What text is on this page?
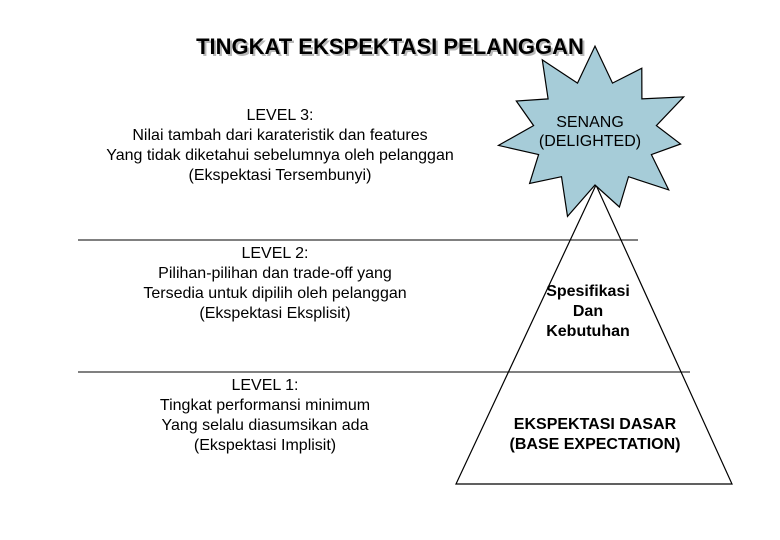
TINGKAT EKSPEKTASI PELANGGAN
LEVEL 3:
Nilai tambah dari karateristik dan features
Yang tidak diketahui sebelumnya oleh pelanggan
(Ekspektasi Tersembunyi)
LEVEL 2:
Pilihan-pilihan dan trade-off yang
Tersedia untuk dipilih oleh pelanggan
(Ekspektasi Eksplisit)
LEVEL 1:
Tingkat performansi minimum
Yang selalu diasumsikan ada
(Ekspektasi Implisit)
SENANG
(DELIGHTED)
Spesifikasi
Dan
Kebutuhan
EKSPEKTASI DASAR
(BASE EXPECTATION)
